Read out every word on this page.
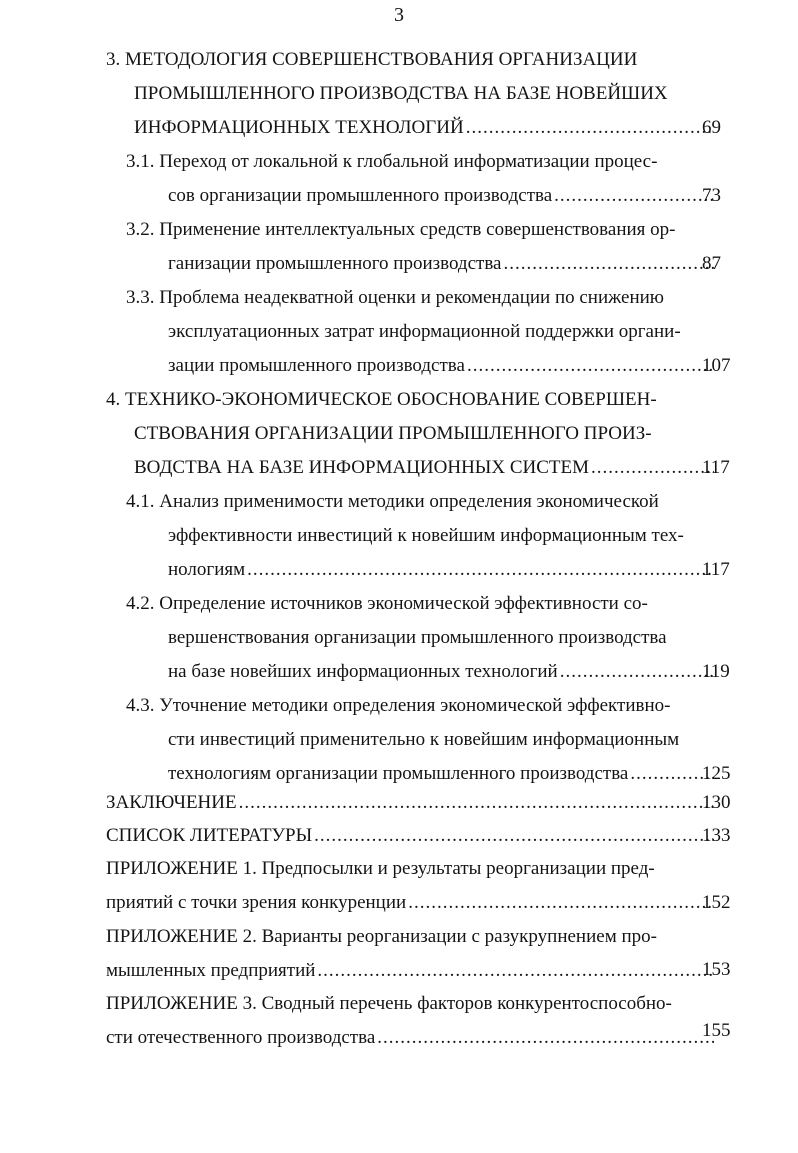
3
3. МЕТОДОЛОГИЯ СОВЕРШЕНСТВОВАНИЯ ОРГАНИЗАЦИИ
ПРОМЫШЛЕННОГО ПРОИЗВОДСТВА НА БАЗЕ НОВЕЙШИХ
ИНФОРМАЦИОННЫХ ТЕХНОЛОГИЙ .....	69
3.1. Переход от локальной к глобальной информатизации процес-
сов организации промышленного производства .....	73
3.2. Применение интеллектуальных средств совершенствования ор-
ганизации промышленного производства .....	87
3.3. Проблема неадекватной оценки и рекомендации по снижению
эксплуатационных затрат информационной поддержки органи-
зации промышленного производства .....	107
4. ТЕХНИКО-ЭКОНОМИЧЕСКОЕ ОБОСНОВАНИЕ СОВЕРШЕН-
СТВОВАНИЯ ОРГАНИЗАЦИИ ПРОМЫШЛЕННОГО ПРОИЗ-
ВОДСТВА НА БАЗЕ ИНФОРМАЦИОННЫХ СИСТЕМ .....	117
4.1. Анализ применимости методики определения экономической
эффективности инвестиций к новейшим информационным тех-
нологиям .....	117
4.2. Определение источников экономической эффективности со-
вершенствования организации промышленного производства
на базе новейших информационных технологий .....	119
4.3. Уточнение методики определения экономической эффективно-
сти инвестиций применительно к новейшим информационным
технологиям организации промышленного производства .....	125
ЗАКЛЮЧЕНИЕ .....	130
СПИСОК ЛИТЕРАТУРЫ .....	133
ПРИЛОЖЕНИЕ 1. Предпосылки и результаты реорганизации пред-
приятий с точки зрения конкуренции .....	152
ПРИЛОЖЕНИЕ 2. Варианты реорганизации с разукрупнением про-
мышленных предприятий .....	153
ПРИЛОЖЕНИЕ 3. Сводный перечень факторов конкурентоспособно-
сти отечественного производства .....	155
